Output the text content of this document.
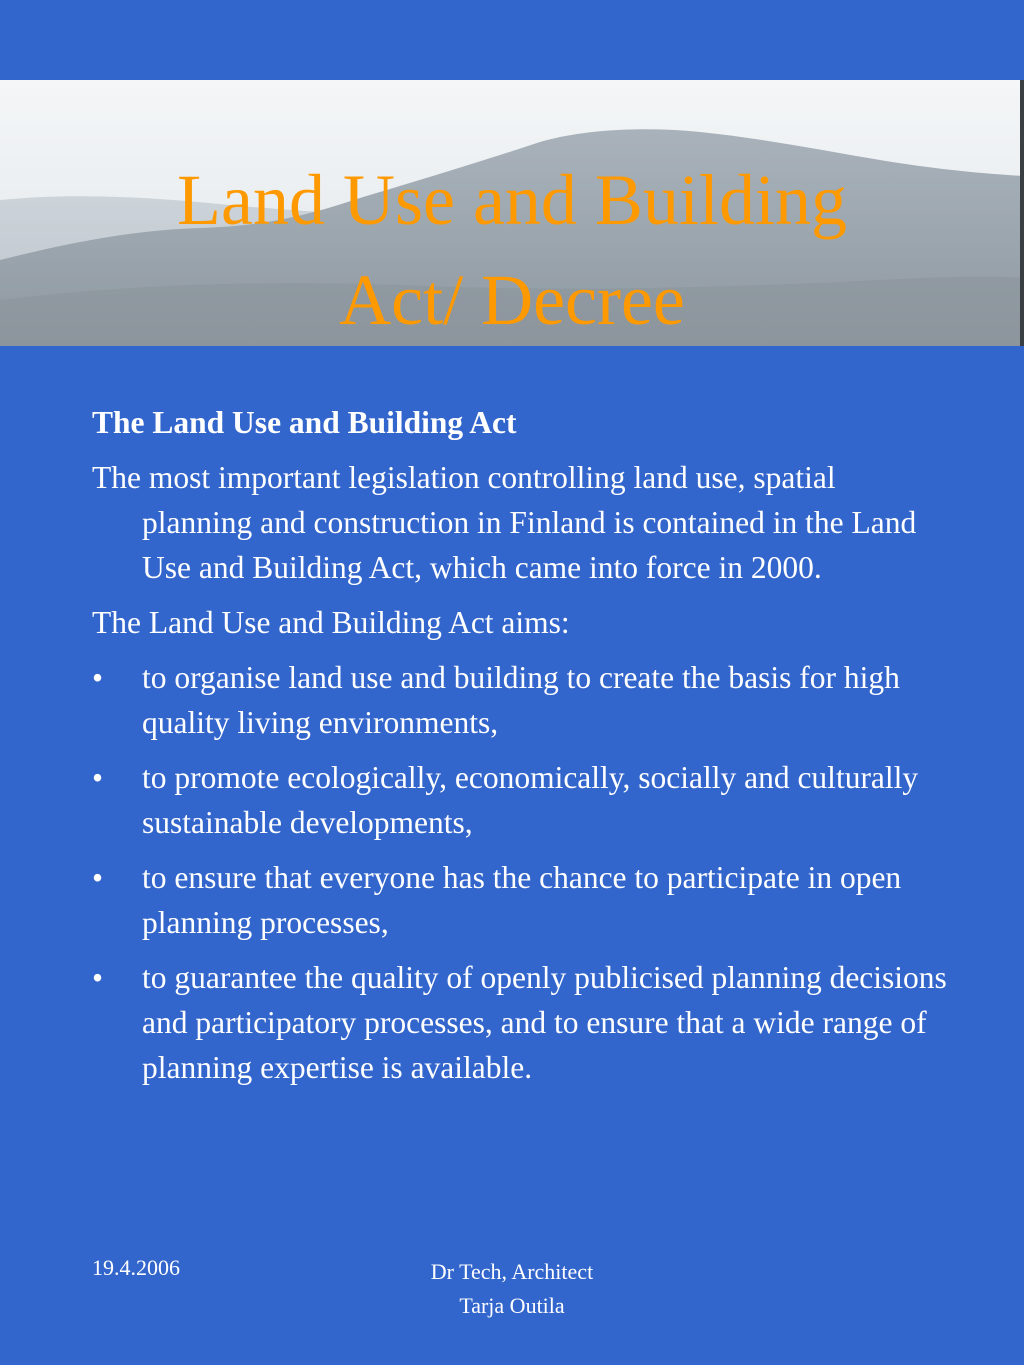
Land Use and Building
Act/ Decree
The Land Use and Building Act
The most important legislation controlling land use, spatial planning and construction in Finland is contained in the Land Use and Building Act, which came into force in 2000.
The Land Use and Building Act aims:
• to organise land use and building to create the basis for high quality living environments,
• to promote ecologically, economically, socially and culturally sustainable developments,
• to ensure that everyone has the chance to participate in open planning processes,
• to guarantee the quality of openly publicised planning decisions and participatory processes, and to ensure that a wide range of planning expertise is available.
19.4.2006	Dr Tech, Architect
Tarja Outila
